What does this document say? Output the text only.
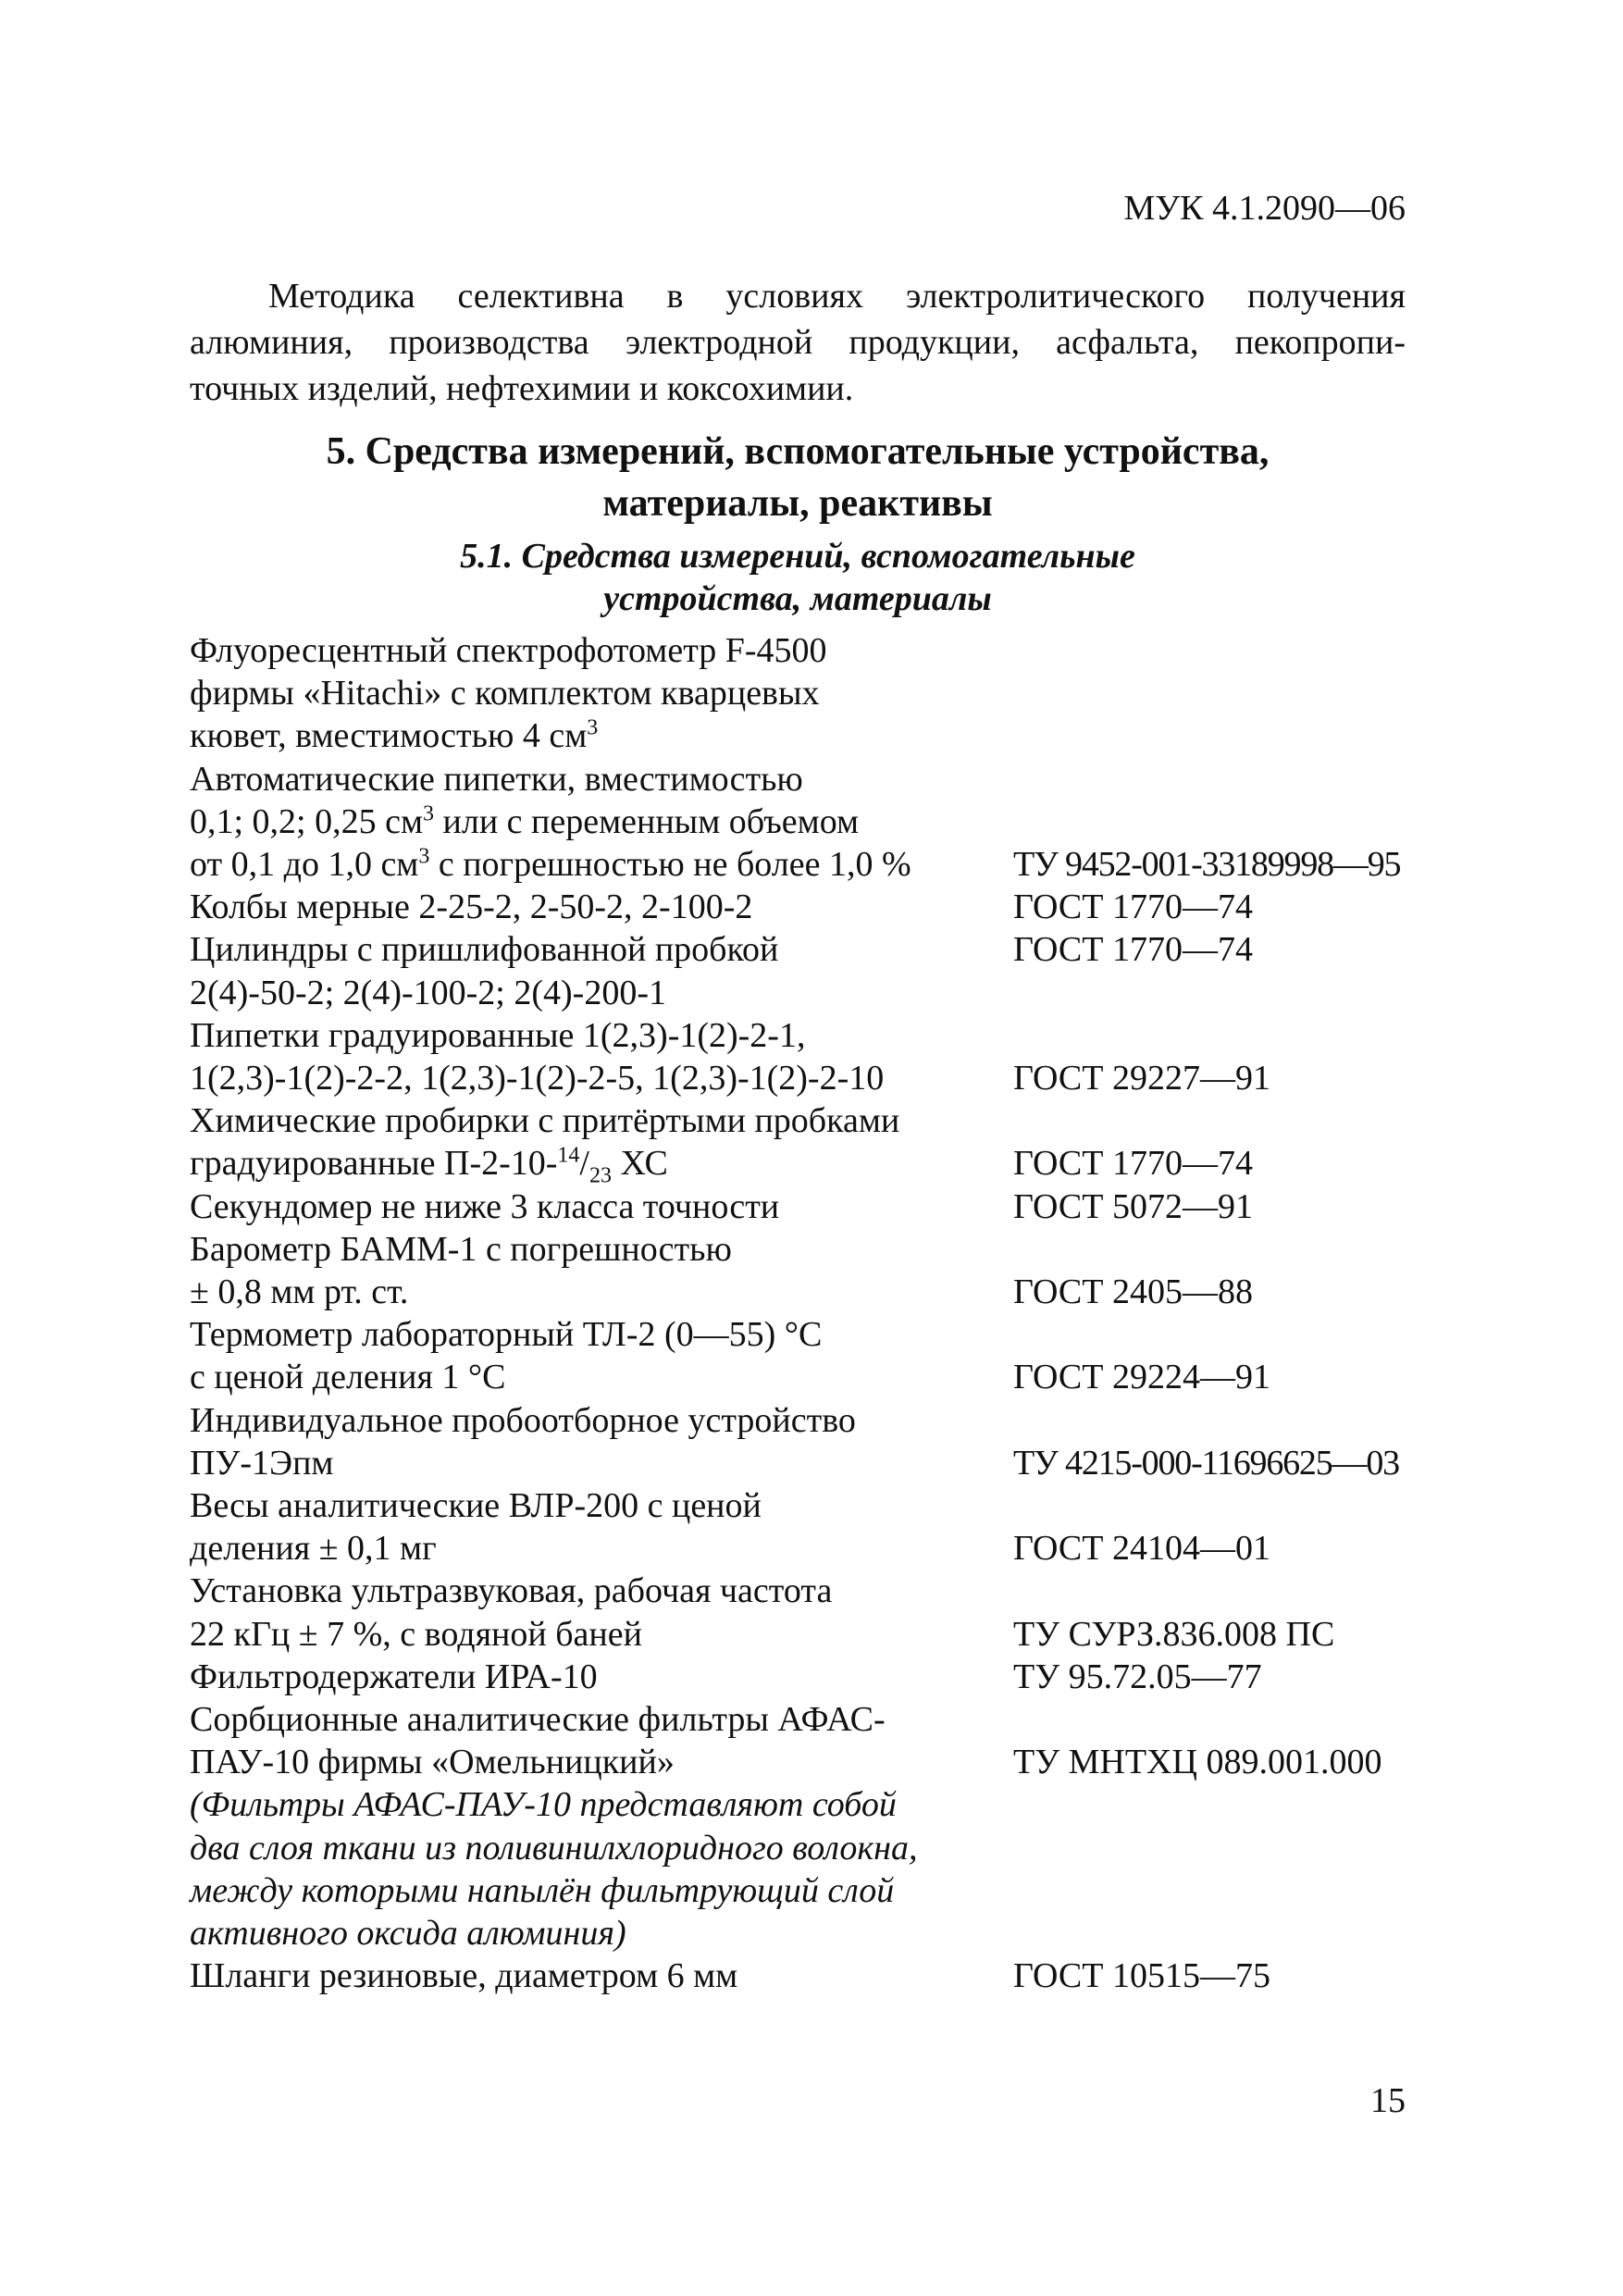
МУК 4.1.2090—06
Методика селективна в условиях электролитического получения
алюминия, производства электродной продукции, асфальта, пекопропи-
точных изделий, нефтехимии и коксохимии.
5. Средства измерений, вспомогательные устройства,
материалы, реактивы
5.1. Средства измерений, вспомогательные
устройства, материалы
Флуоресцентный спектрофотометр F-4500
фирмы «Hitachi» с комплектом кварцевых
кювет, вместимостью 4 $см^3$
Автоматические пипетки, вместимостью
0,1; 0,2; 0,25 $см^3$ или с переменным объемом
от 0,1 до 1,0 $см^3$ с погрешностью не более 1,0 %	ТУ 9452-001-33189998—95
Колбы мерные 2-25-2, 2-50-2, 2-100-2	ГОСТ 1770—74
Цилиндры с пришлифованной пробкой	ГОСТ 1770—74
2(4)-50-2; 2(4)-100-2; 2(4)-200-1
Пипетки градуированные 1(2,3)-1(2)-2-1,
1(2,3)-1(2)-2-2, 1(2,3)-1(2)-2-5, 1(2,3)-1(2)-2-10	ГОСТ 29227—91
Химические пробирки с притёртыми пробками
градуированные $П-2-10-^{14}/_{23}$ ХС	ГОСТ 1770—74
Секундомер не ниже 3 класса точности	ГОСТ 5072—91
Барометр БАММ-1 с погрешностью
± 0,8 мм рт. ст.	ГОСТ 2405—88
Термометр лабораторный ТЛ-2 (0—55) °С
с ценой деления 1 °С	ГОСТ 29224—91
Индивидуальное пробоотборное устройство
ПУ-1Эпм	ТУ 4215-000-11696625—03
Весы аналитические ВЛР-200 с ценой
деления ± 0,1 мг	ГОСТ 24104—01
Установка ультразвуковая, рабочая частота
22 кГц ± 7 %, с водяной баней	ТУ СУРЗ.836.008 ПС
Фильтродержатели ИРА-10	ТУ 95.72.05—77
Сорбционные аналитические фильтры АФАС-
ПАУ-10 фирмы «Омельницкий»	ТУ МНТХЦ 089.001.000
(Фильтры АФАС-ПАУ-10 представляют собой
два слоя ткани из поливинилхлоридного волокна,
между которыми напылён фильтрующий слой
активного оксида алюминия)
Шланги резиновые, диаметром 6 мм	ГОСТ 10515—75
15
